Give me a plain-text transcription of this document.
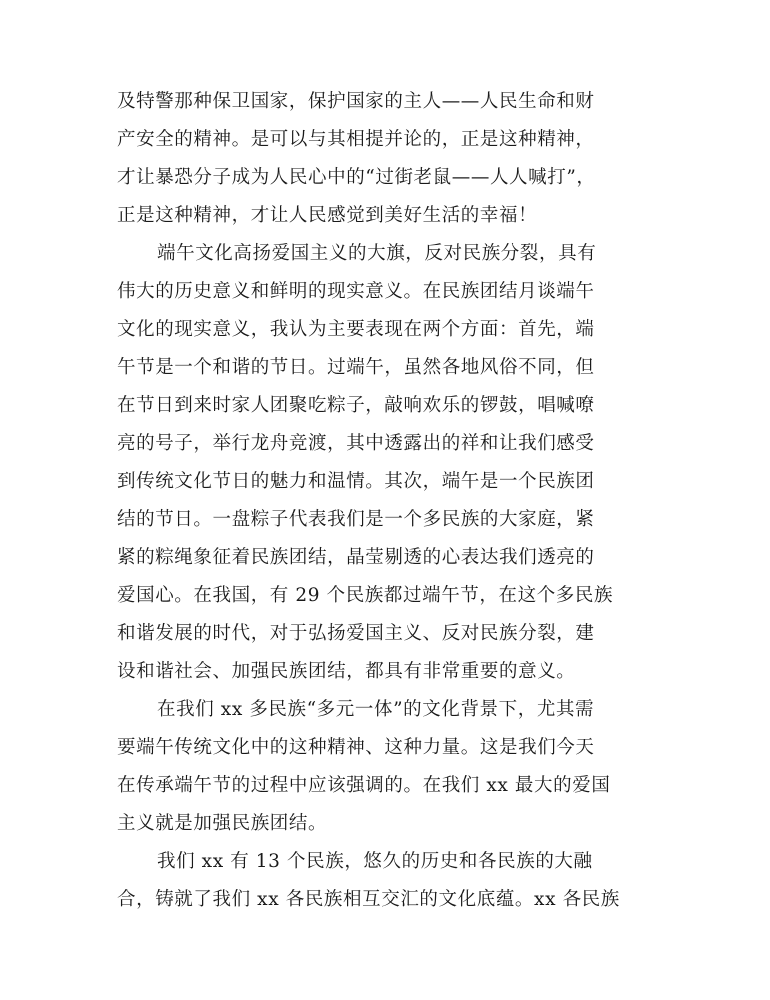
及特警那种保卫国家，保护国家的主人——人民生命和财
产安全的精神。是可以与其相提并论的，正是这种精神，
才让暴恐分子成为人民心中的“过街老鼠——人人喊打”，
正是这种精神，才让人民感觉到美好生活的幸福！

端午文化高扬爱国主义的大旗，反对民族分裂，具有
伟大的历史意义和鲜明的现实意义。在民族团结月谈端午
文化的现实意义，我认为主要表现在两个方面：首先，端
午节是一个和谐的节日。过端午，虽然各地风俗不同，但
在节日到来时家人团聚吃粽子，敲响欢乐的锣鼓，唱喊嘹
亮的号子，举行龙舟竞渡，其中透露出的祥和让我们感受
到传统文化节日的魅力和温情。其次，端午是一个民族团
结的节日。一盘粽子代表我们是一个多民族的大家庭，紧
紧的粽绳象征着民族团结，晶莹剔透的心表达我们透亮的
爱国心。在我国，有 29 个民族都过端午节，在这个多民族
和谐发展的时代，对于弘扬爱国主义、反对民族分裂，建
设和谐社会、加强民族团结，都具有非常重要的意义。

在我们 xx 多民族“多元一体”的文化背景下，尤其需
要端午传统文化中的这种精神、这种力量。这是我们今天
在传承端午节的过程中应该强调的。在我们 xx 最大的爱国
主义就是加强民族团结。

我们 xx 有 13 个民族，悠久的历史和各民族的大融
合，铸就了我们 xx 各民族相互交汇的文化底蕴。xx 各民族
